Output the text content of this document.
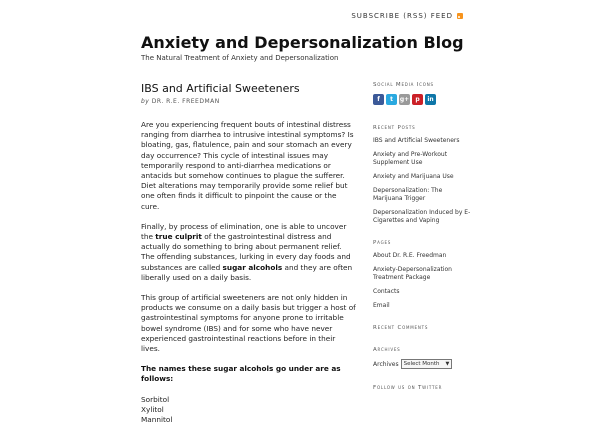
SUBSCRIBE (RSS) FEED
Anxiety and Depersonalization Blog
The Natural Treatment of Anxiety and Depersonalization
IBS and Artificial Sweeteners
by DR. R.E. FREEDMAN

Are you experiencing frequent bouts of intestinal distress ranging from diarrhea to intrusive intestinal symptoms? Is bloating, gas, flatulence, pain and sour stomach an every day occurrence? This cycle of intestinal issues may temporarily respond to anti-diarrhea medications or antacids but somehow continues to plague the sufferer. Diet alterations may temporarily provide some relief but one often finds it difficult to pinpoint the cause or the cure.

Finally, by process of elimination, one is able to uncover the true culprit of the gastrointestinal distress and actually do something to bring about permanent relief. The offending substances, lurking in every day foods and substances are called sugar alcohols and they are often liberally used on a daily basis.

This group of artificial sweeteners are not only hidden in products we consume on a daily basis but trigger a host of gastrointestinal symptoms for anyone prone to irritable bowel syndrome (IBS) and for some who have never experienced gastrointestinal reactions before in their lives.

The names these sugar alcohols go under are as follows:

Sorbitol

Xylitol

Mannitol

Social Media Icons
f	t	g+	p	in
Recent Posts
IBS and Artificial Sweeteners
Anxiety and Pre-Workout Supplement Use
Anxiety and Marijuana Use
Depersonalization: The Marijuana Trigger
Depersonalization Induced by E-Cigarettes and Vaping
Pages
About Dr. R.E. Freedman
Anxiety-Depersonalization Treatment Package
Contacts
Email
Recent Comments
Archives
Archives Select Month ▼
Follow us on Twitter
